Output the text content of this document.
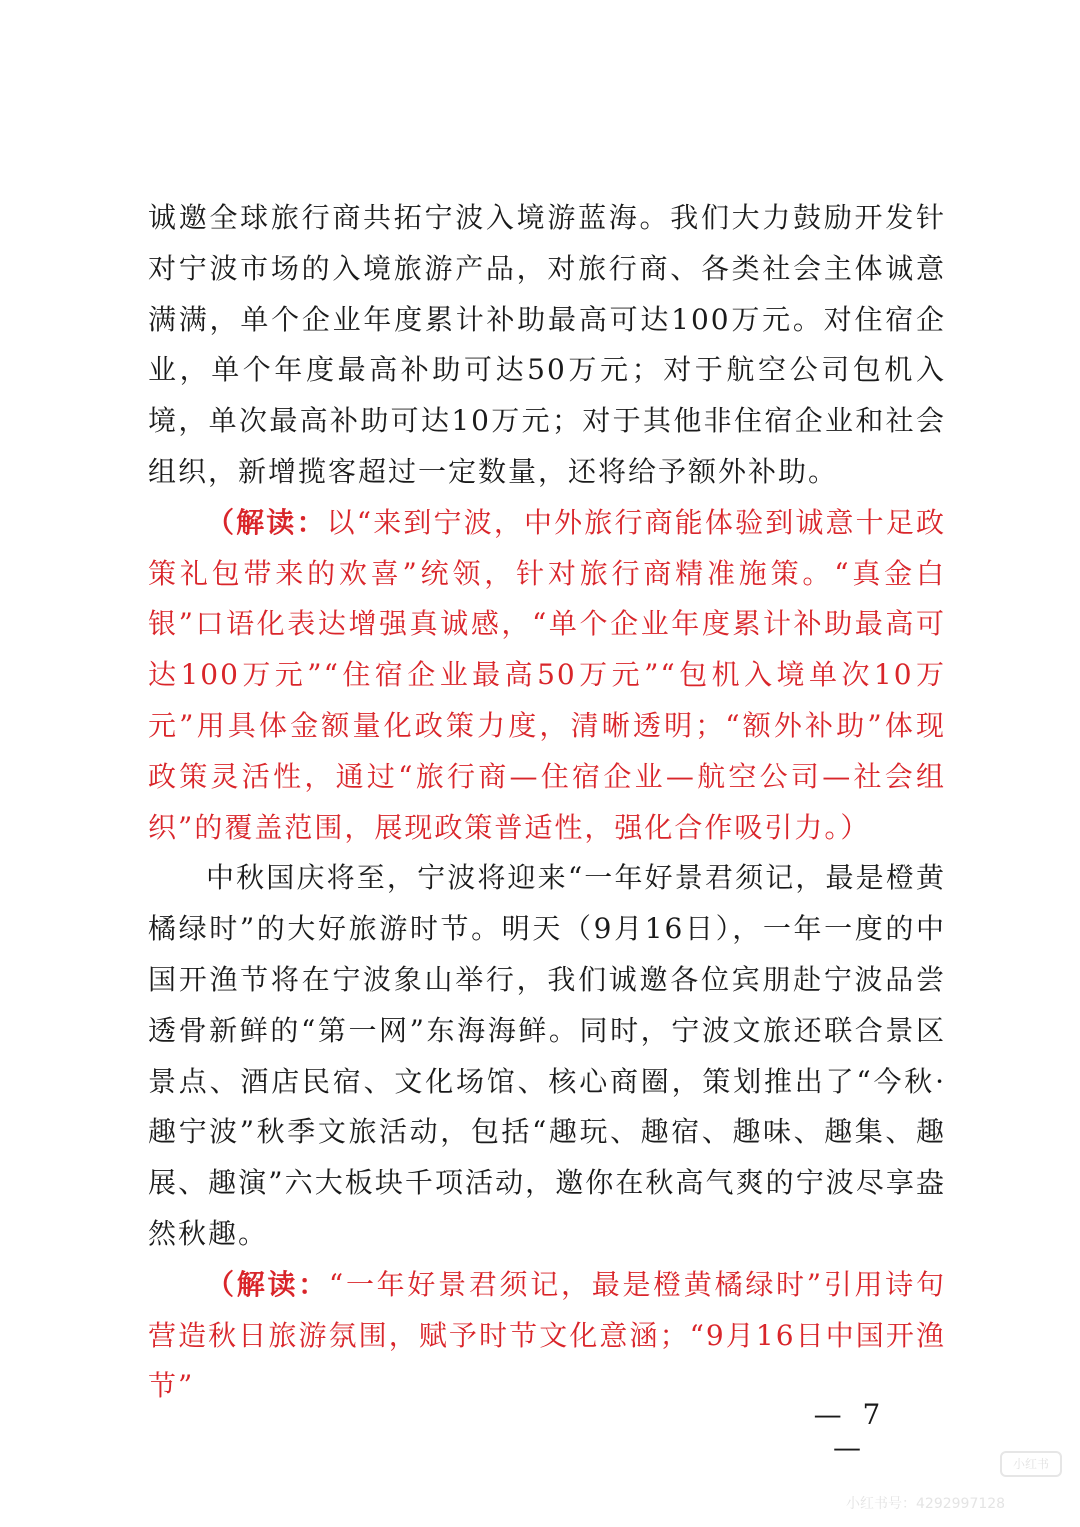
诚邀全球旅行商共拓宁波入境游蓝海。我们大力鼓励开发针对宁波市场的入境旅游产品，对旅行商、各类社会主体诚意满满，单个企业年度累计补助最高可达100万元。对住宿企业，单个年度最高补助可达50万元；对于航空公司包机入境，单次最高补助可达10万元；对于其他非住宿企业和社会组织，新增揽客超过一定数量，还将给予额外补助。

（解读：以“来到宁波，中外旅行商能体验到诚意十足政策礼包带来的欢喜”统领，针对旅行商精准施策。“真金白银”口语化表达增强真诚感，“单个企业年度累计补助最高可达100万元”“住宿企业最高50万元”“包机入境单次10万元”用具体金额量化政策力度，清晰透明；“额外补助”体现政策灵活性，通过“旅行商—住宿企业—航空公司—社会组织”的覆盖范围，展现政策普适性，强化合作吸引力。）

中秋国庆将至，宁波将迎来“一年好景君须记，最是橙黄橘绿时”的大好旅游时节。明天（9月16日），一年一度的中国开渔节将在宁波象山举行，我们诚邀各位宾朋赴宁波品尝透骨新鲜的“第一网”东海海鲜。同时，宁波文旅还联合景区景点、酒店民宿、文化场馆、核心商圈，策划推出了“今秋·趣宁波”秋季文旅活动，包括“趣玩、趣宿、趣味、趣集、趣展、趣演”六大板块千项活动，邀你在秋高气爽的宁波尽享盎然秋趣。

（解读：“一年好景君须记，最是橙黄橘绿时”引用诗句营造秋日旅游氛围，赋予时节文化意涵；“9月16日中国开渔节”

— 7 —	小红书
小红书号：4292997128
